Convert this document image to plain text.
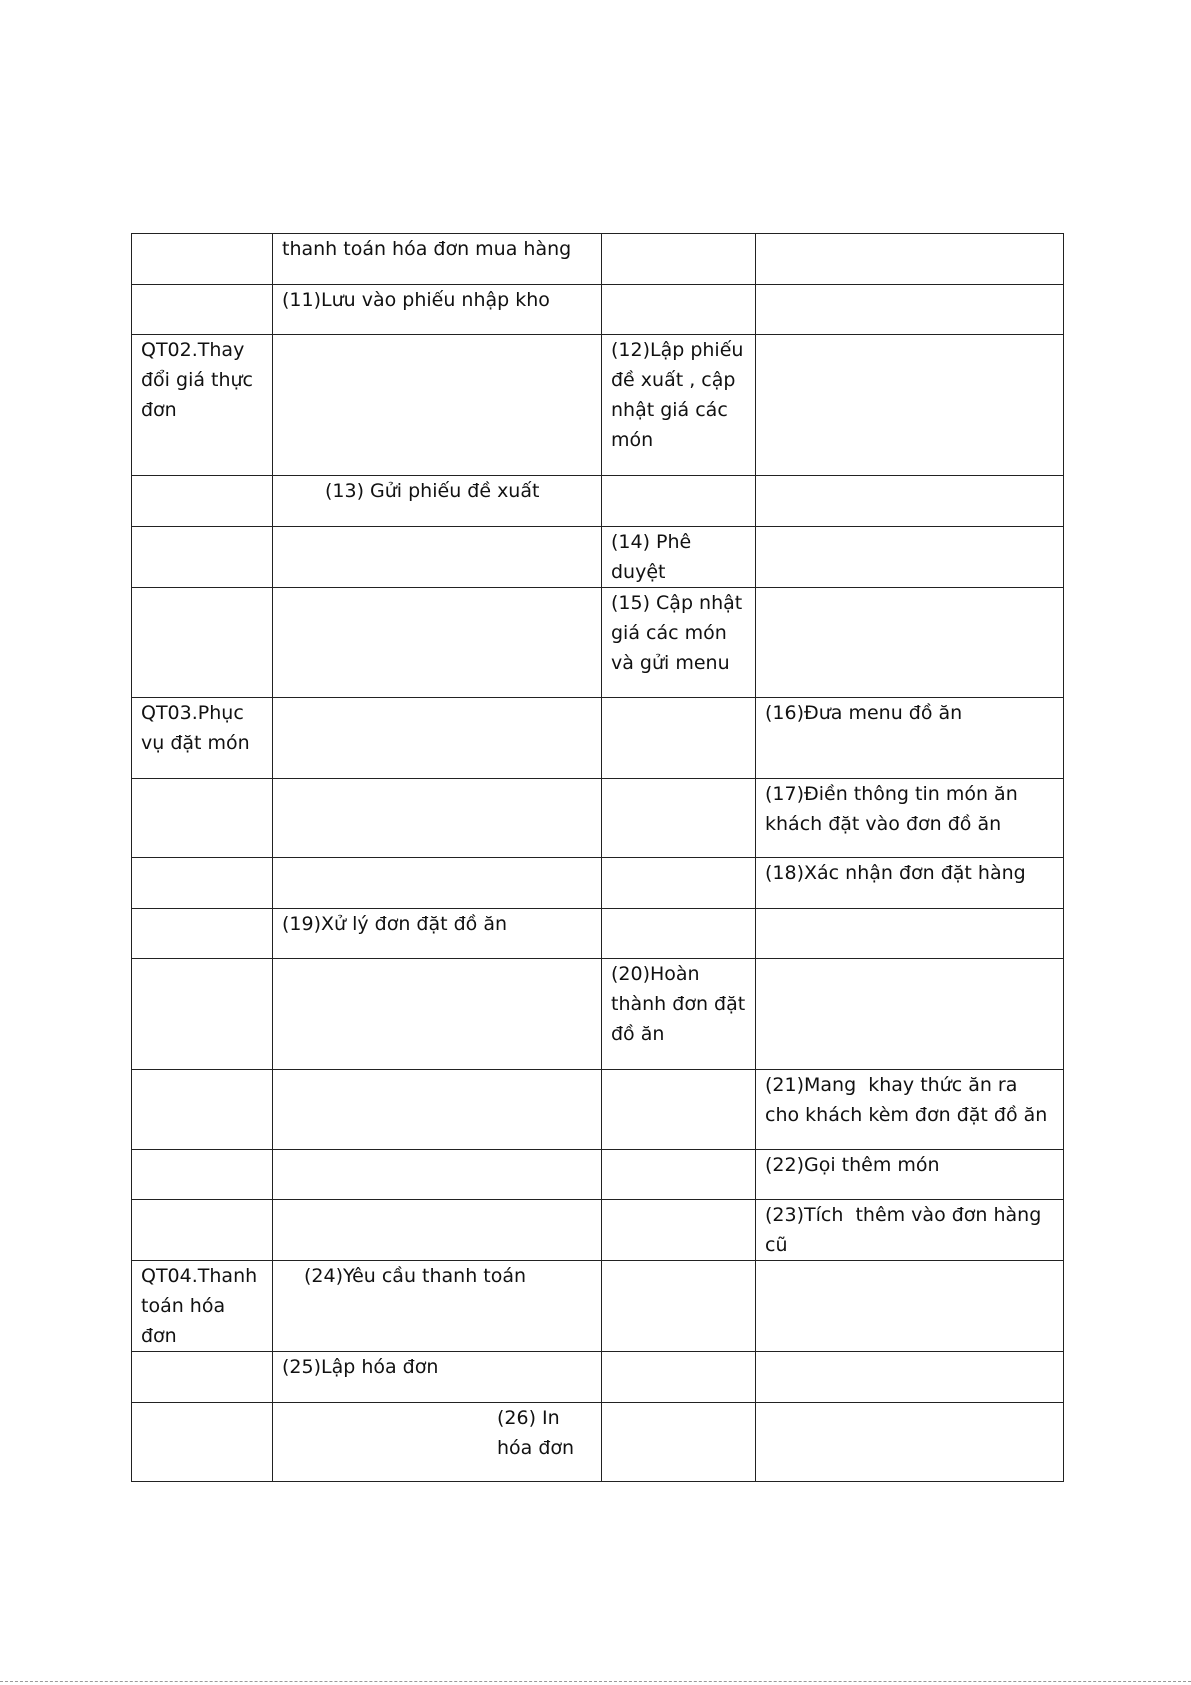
	thanh toán hóa đơn mua hàng		
	(11)Lưu vào phiếu nhập kho		
QT02.Thay đổi giá thực đơn		(12)Lập phiếu đề xuất , cập nhật giá các món	
	(13) Gửi phiếu đề xuất		
		(14) Phê duyệt	
		(15) Cập nhật giá các món và gửi menu	
QT03.Phục vụ đặt món			(16)Đưa menu đồ ăn
			(17)Điền thông tin món ăn khách đặt vào đơn đồ ăn
			(18)Xác nhận đơn đặt hàng
	(19)Xử lý đơn đặt đồ ăn		
		(20)Hoàn thành đơn đặt đồ ăn	
			(21)Mang  khay thức ăn ra cho khách kèm đơn đặt đồ ăn
			(22)Gọi thêm món
			(23)Tích  thêm vào đơn hàng cũ
QT04.Thanh toán hóa đơn	(24)Yêu cầu thanh toán		
	(25)Lập hóa đơn		
	(26) In hóa đơn		
